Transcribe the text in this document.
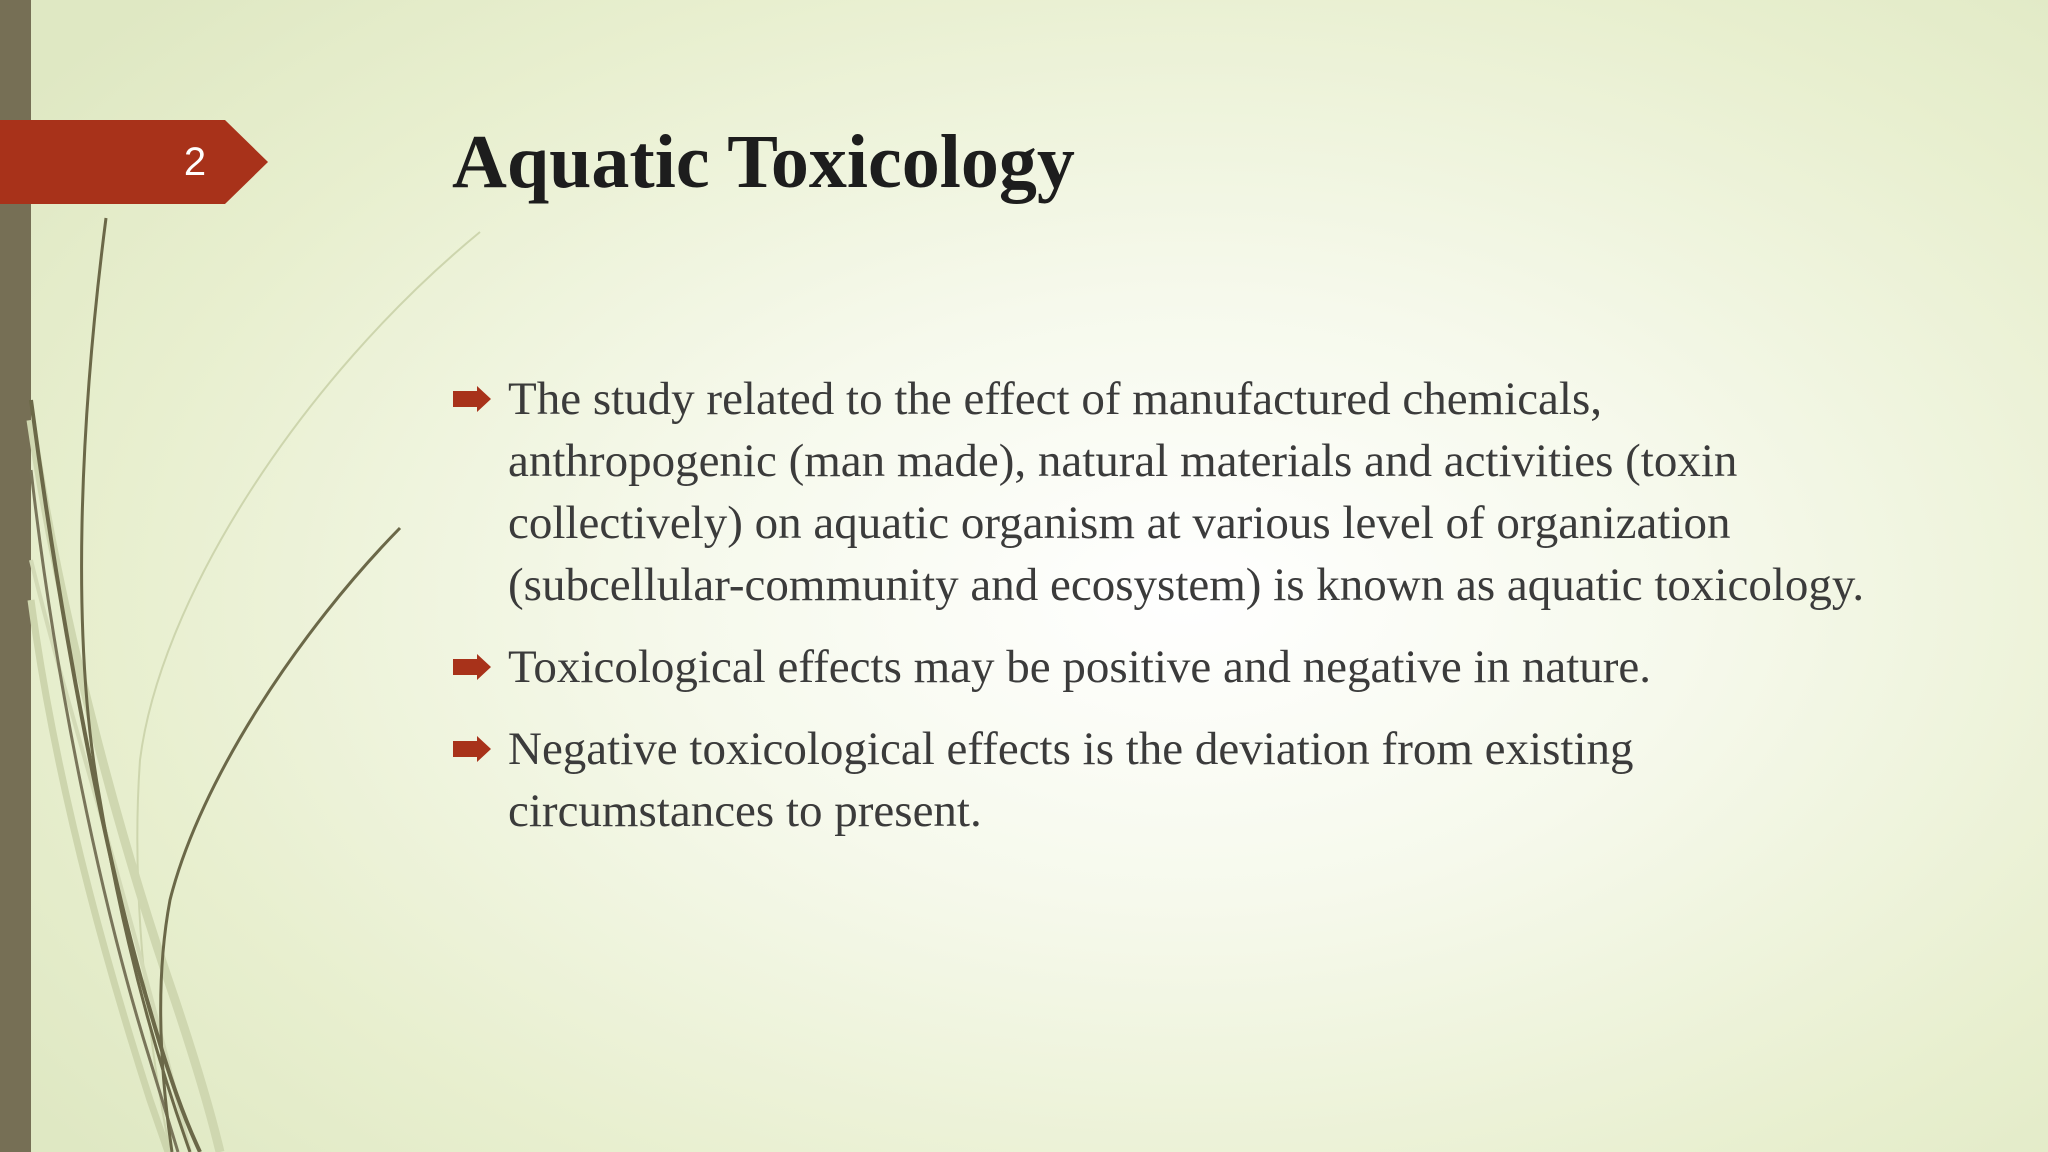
2	Aquatic Toxicology
The study related to the effect of manufactured chemicals, anthropogenic (man made), natural materials and activities (toxin collectively) on aquatic organism at various level of organization (subcellular-community and ecosystem) is known as aquatic toxicology.
Toxicological effects may be positive and negative in nature.
Negative toxicological effects is the deviation from existing circumstances to present.
